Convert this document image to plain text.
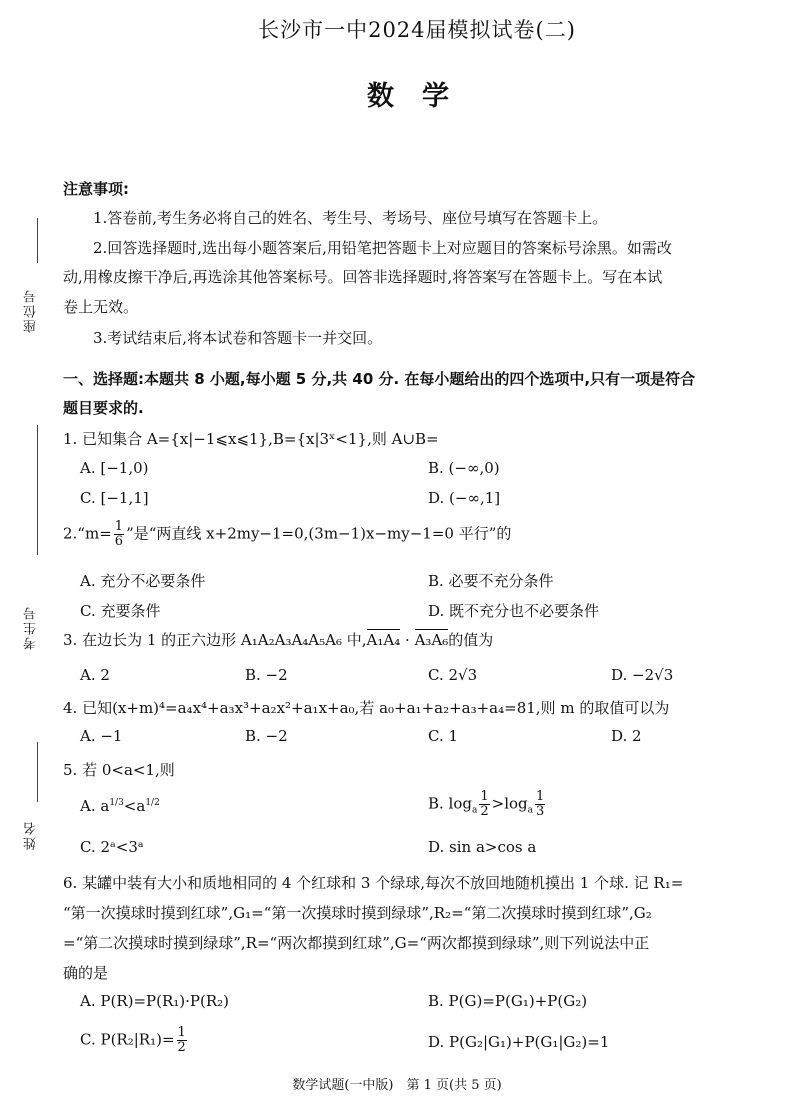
长沙市一中2024届模拟试卷(二)
数学
座位号
考生号
姓名
注意事项:
1.答卷前,考生务必将自己的姓名、考生号、考场号、座位号填写在答题卡上。
2.回答选择题时,选出每小题答案后,用铅笔把答题卡上对应题目的答案标号涂黑。如需改
动,用橡皮擦干净后,再选涂其他答案标号。回答非选择题时,将答案写在答题卡上。写在本试
卷上无效。
3.考试结束后,将本试卷和答题卡一并交回。
一、选择题:本题共 8 小题,每小题 5 分,共 40 分. 在每小题给出的四个选项中,只有一项是符合
题目要求的.
1. 已知集合 A={x|−1⩽x⩽1},B={x|3ˣ<1},则 A∪B=
A. [−1,0)	B. (−∞,0)
C. [−1,1]	D. (−∞,1]
2.“m= $\frac{1}{6}$ ”是“两直线 x+2my−1=0,(3m−1)x−my−1=0 平行”的
A. 充分不必要条件	B. 必要不充分条件
C. 充要条件	D. 既不充分也不必要条件
3. 在边长为 1 的正六边形 A₁A₂A₃A₄A₅A₆ 中,A₁A₄ · A₃A₆的值为
A. 2	B. −2	C. 2√3	D. −2√3
4. 已知(x+m)⁴=a₄x⁴+a₃x³+a₂x²+a₁x+a₀,若 a₀+a₁+a₂+a₃+a₄=81,则 m 的取值可以为
A. −1	B. −2	C. 1	D. 2
5. 若 0<a<1,则
A. $a^{1/3}<a^{1/2}$	B. $\log_a \frac{1}{2} >\log_a \frac{1}{3}$
C. 2ᵃ<3ᵃ	D. sin a>cos a
6. 某罐中装有大小和质地相同的 4 个红球和 3 个绿球,每次不放回地随机摸出 1 个球. 记 R₁=
“第一次摸球时摸到红球”,G₁=“第一次摸球时摸到绿球”,R₂=“第二次摸球时摸到红球”,G₂
=“第二次摸球时摸到绿球”,R=“两次都摸到红球”,G=“两次都摸到绿球”,则下列说法中正
确的是
A. P(R)=P(R₁)·P(R₂)	B. P(G)=P(G₁)+P(G₂)
C. $P(R_2|R_1)= \frac{1}{2}$	D. P(G₂|G₁)+P(G₁|G₂)=1
数学试题(一中版)　第 1 页(共 5 页)
